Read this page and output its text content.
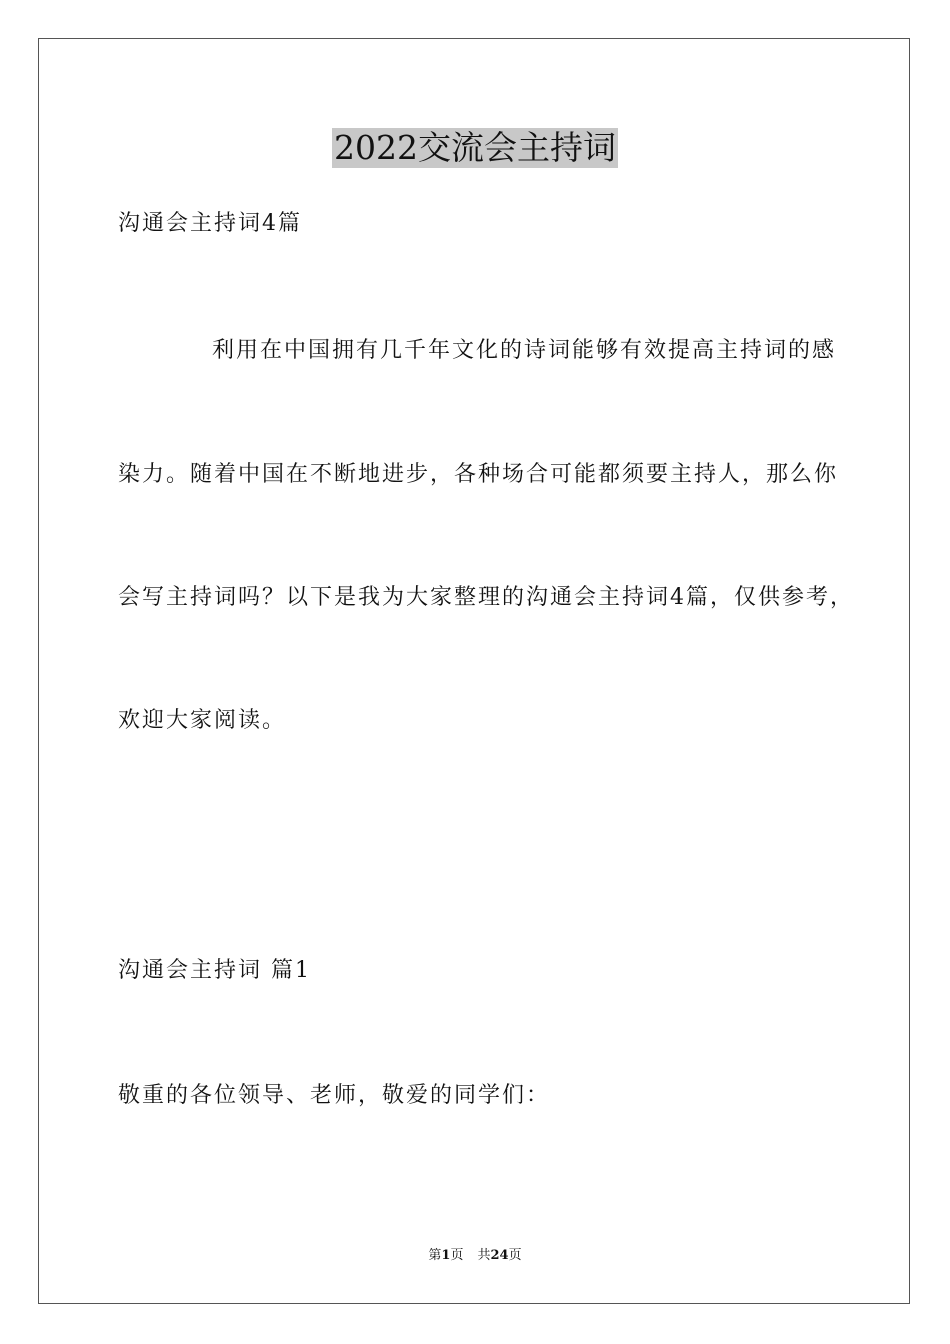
2022交流会主持词
沟通会主持词4篇
利用在中国拥有几千年文化的诗词能够有效提高主持词的感
染力。随着中国在不断地进步，各种场合可能都须要主持人，那么你
会写主持词吗？以下是我为大家整理的沟通会主持词4篇，仅供参考，
欢迎大家阅读。
沟通会主持词 篇1
敬重的各位领导、老师，敬爱的同学们：
第1页 共24页
